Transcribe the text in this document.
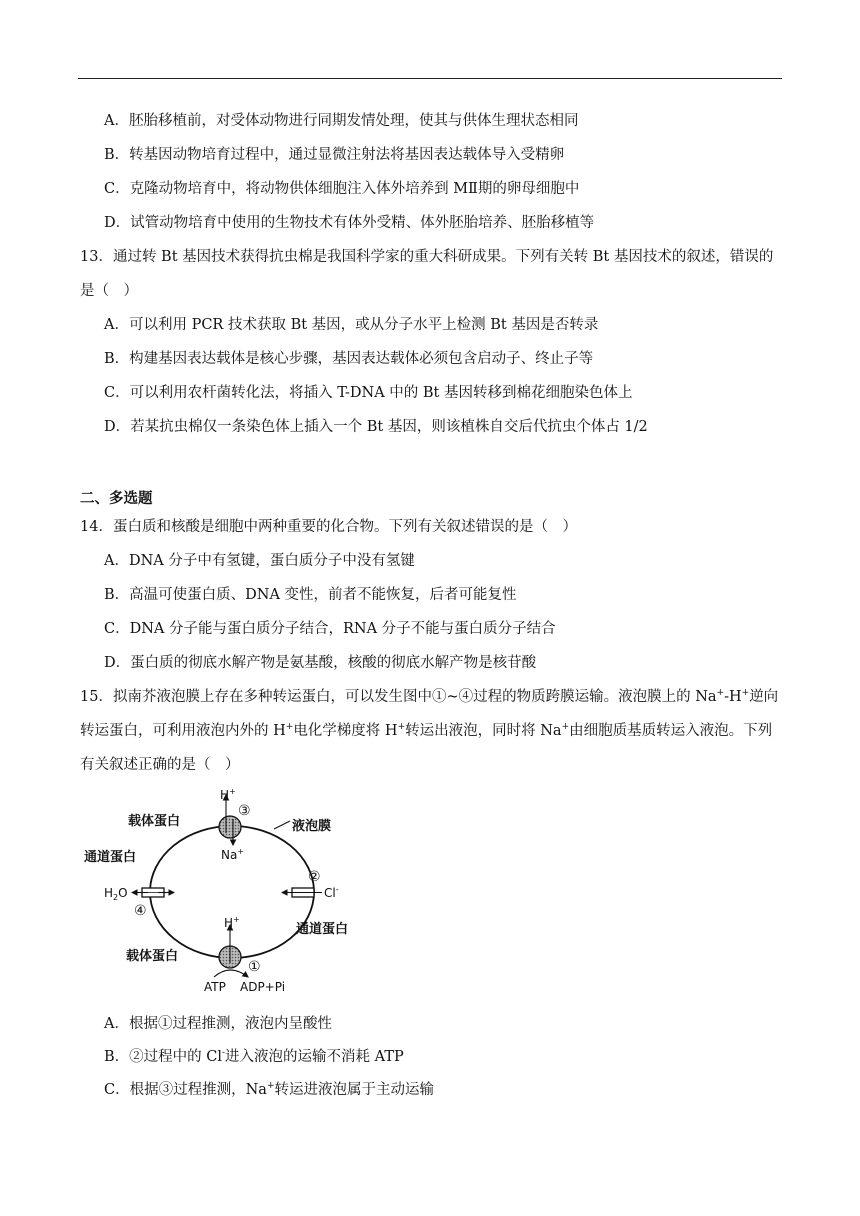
A．胚胎移植前，对受体动物进行同期发情处理，使其与供体生理状态相同
B．转基因动物培育过程中，通过显微注射法将基因表达载体导入受精卵
C．克隆动物培育中，将动物供体细胞注入体外培养到 MⅡ期的卵母细胞中
D．试管动物培育中使用的生物技术有体外受精、体外胚胎培养、胚胎移植等
13．通过转 Bt 基因技术获得抗虫棉是我国科学家的重大科研成果。下列有关转 Bt 基因技术的叙述，错误的
是（　）
A．可以利用 PCR 技术获取 Bt 基因，或从分子水平上检测 Bt 基因是否转录
B．构建基因表达载体是核心步骤，基因表达载体必须包含启动子、终止子等
C．可以利用农杆菌转化法，将插入 T-DNA 中的 Bt 基因转移到棉花细胞染色体上
D．若某抗虫棉仅一条染色体上插入一个 Bt 基因，则该植株自交后代抗虫个体占 1/2
二、多选题
14．蛋白质和核酸是细胞中两种重要的化合物。下列有关叙述错误的是（　）
A．DNA 分子中有氢键，蛋白质分子中没有氢键
B．高温可使蛋白质、DNA 变性，前者不能恢复，后者可能复性
C．DNA 分子能与蛋白质分子结合，RNA 分子不能与蛋白质分子结合
D．蛋白质的彻底水解产物是氨基酸，核酸的彻底水解产物是核苷酸
15．拟南芥液泡膜上存在多种转运蛋白，可以发生图中①~④过程的物质跨膜运输。液泡膜上的 Na+-H+逆向
转运蛋白，可利用液泡内外的 H+电化学梯度将 H+转运出液泡，同时将 Na+由细胞质基质转运入液泡。下列
有关叙述正确的是（　）
H+
③
Na+
载体蛋白	液泡膜
通道蛋白
$H_2O$
④
②
Cl-
通道蛋白
H+
载体蛋白
①
ATP ADP+Pi
A．根据①过程推测，液泡内呈酸性
B．②过程中的 Cl-进入液泡的运输不消耗 ATP
C．根据③过程推测，Na+转运进液泡属于主动运输
